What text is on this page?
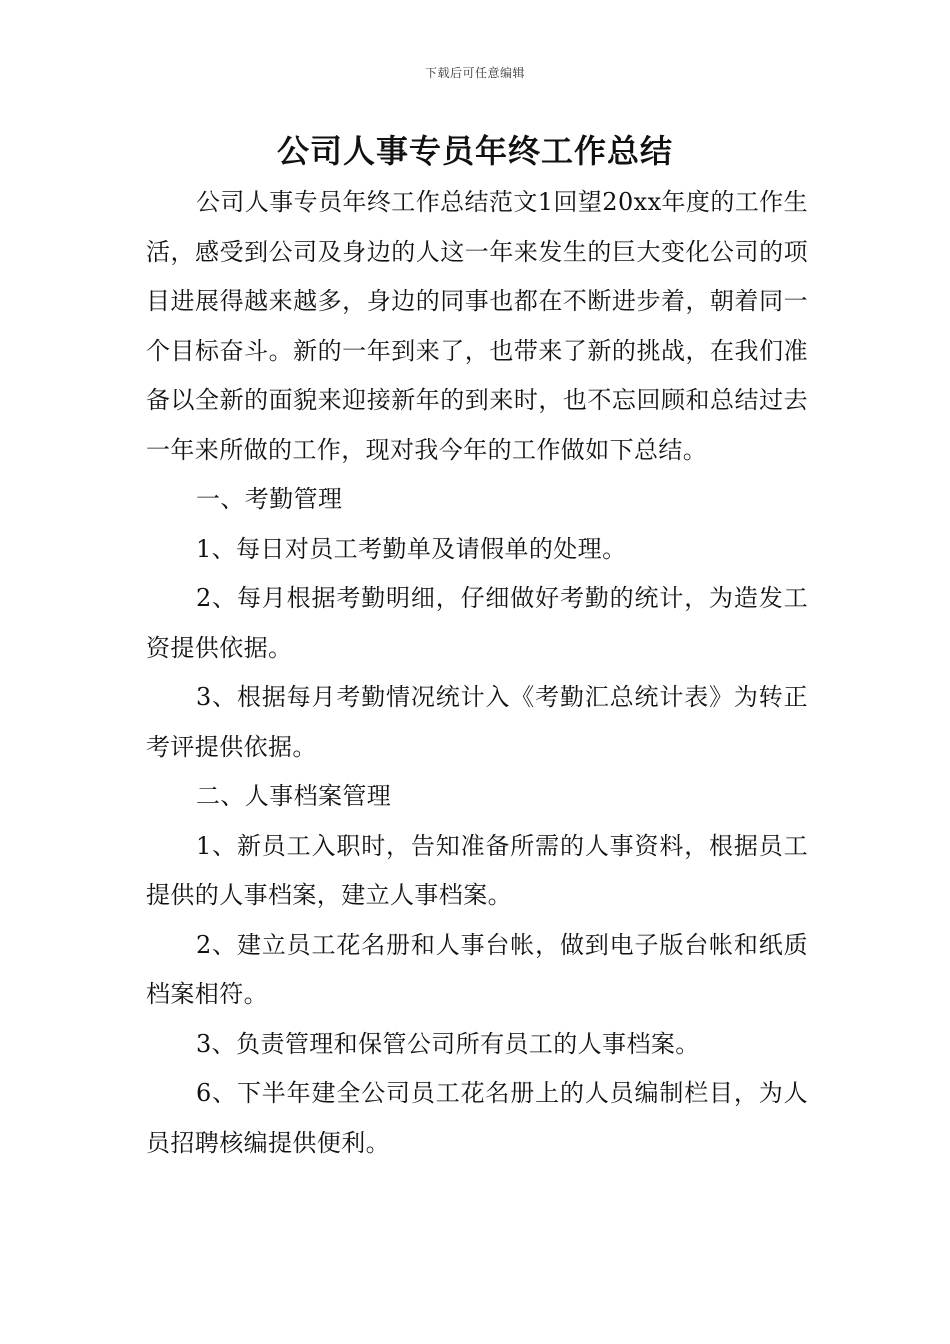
下载后可任意编辑
公司人事专员年终工作总结

公司人事专员年终工作总结范文1回望20xx年度的工作生活，感受到公司及身边的人这一年来发生的巨大变化公司的项目进展得越来越多，身边的同事也都在不断进步着，朝着同一个目标奋斗。新的一年到来了，也带来了新的挑战，在我们准备以全新的面貌来迎接新年的到来时，也不忘回顾和总结过去一年来所做的工作，现对我今年的工作做如下总结。

一、考勤管理

1、每日对员工考勤单及请假单的处理。

2、每月根据考勤明细，仔细做好考勤的统计，为造发工资提供依据。

3、根据每月考勤情况统计入《考勤汇总统计表》为转正考评提供依据。

二、人事档案管理

1、新员工入职时，告知准备所需的人事资料，根据员工提供的人事档案，建立人事档案。

2、建立员工花名册和人事台帐，做到电子版台帐和纸质档案相符。

3、负责管理和保管公司所有员工的人事档案。

6、下半年建全公司员工花名册上的人员编制栏目，为人员招聘核编提供便利。
